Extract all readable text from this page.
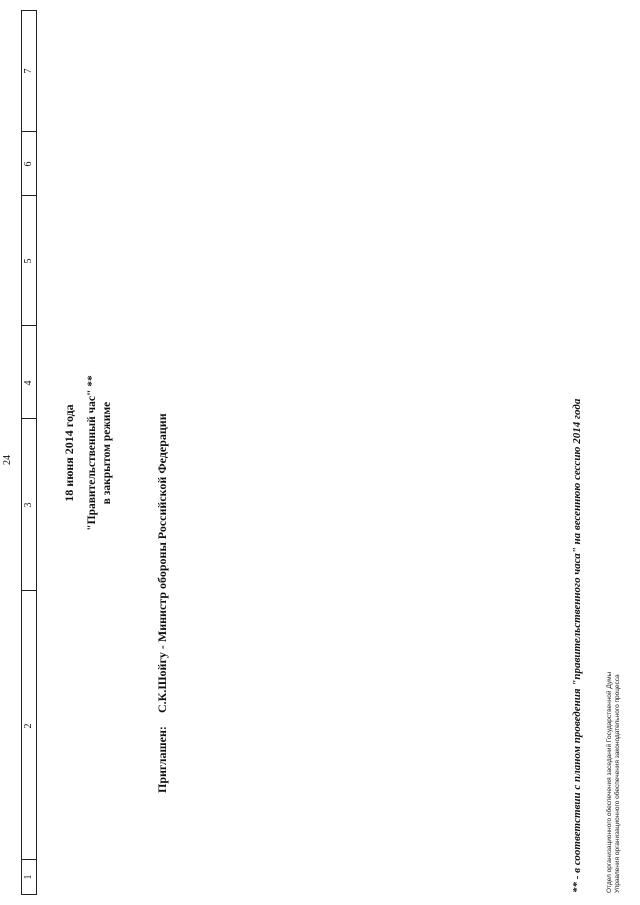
24
1
2
3
4
5
6
7
18 июня 2014 года "Правительственный час" ** в закрытом режиме
Приглашен:
С.К.Шойгу - Министр обороны Российской Федерации	** - в соответствии с планом проведения "правительственного часа" на весеннюю сессию 2014 года	Отдел организационного обеспечения заседаний Государственной Думы Управления организационного обеспечения законодательного процесса
